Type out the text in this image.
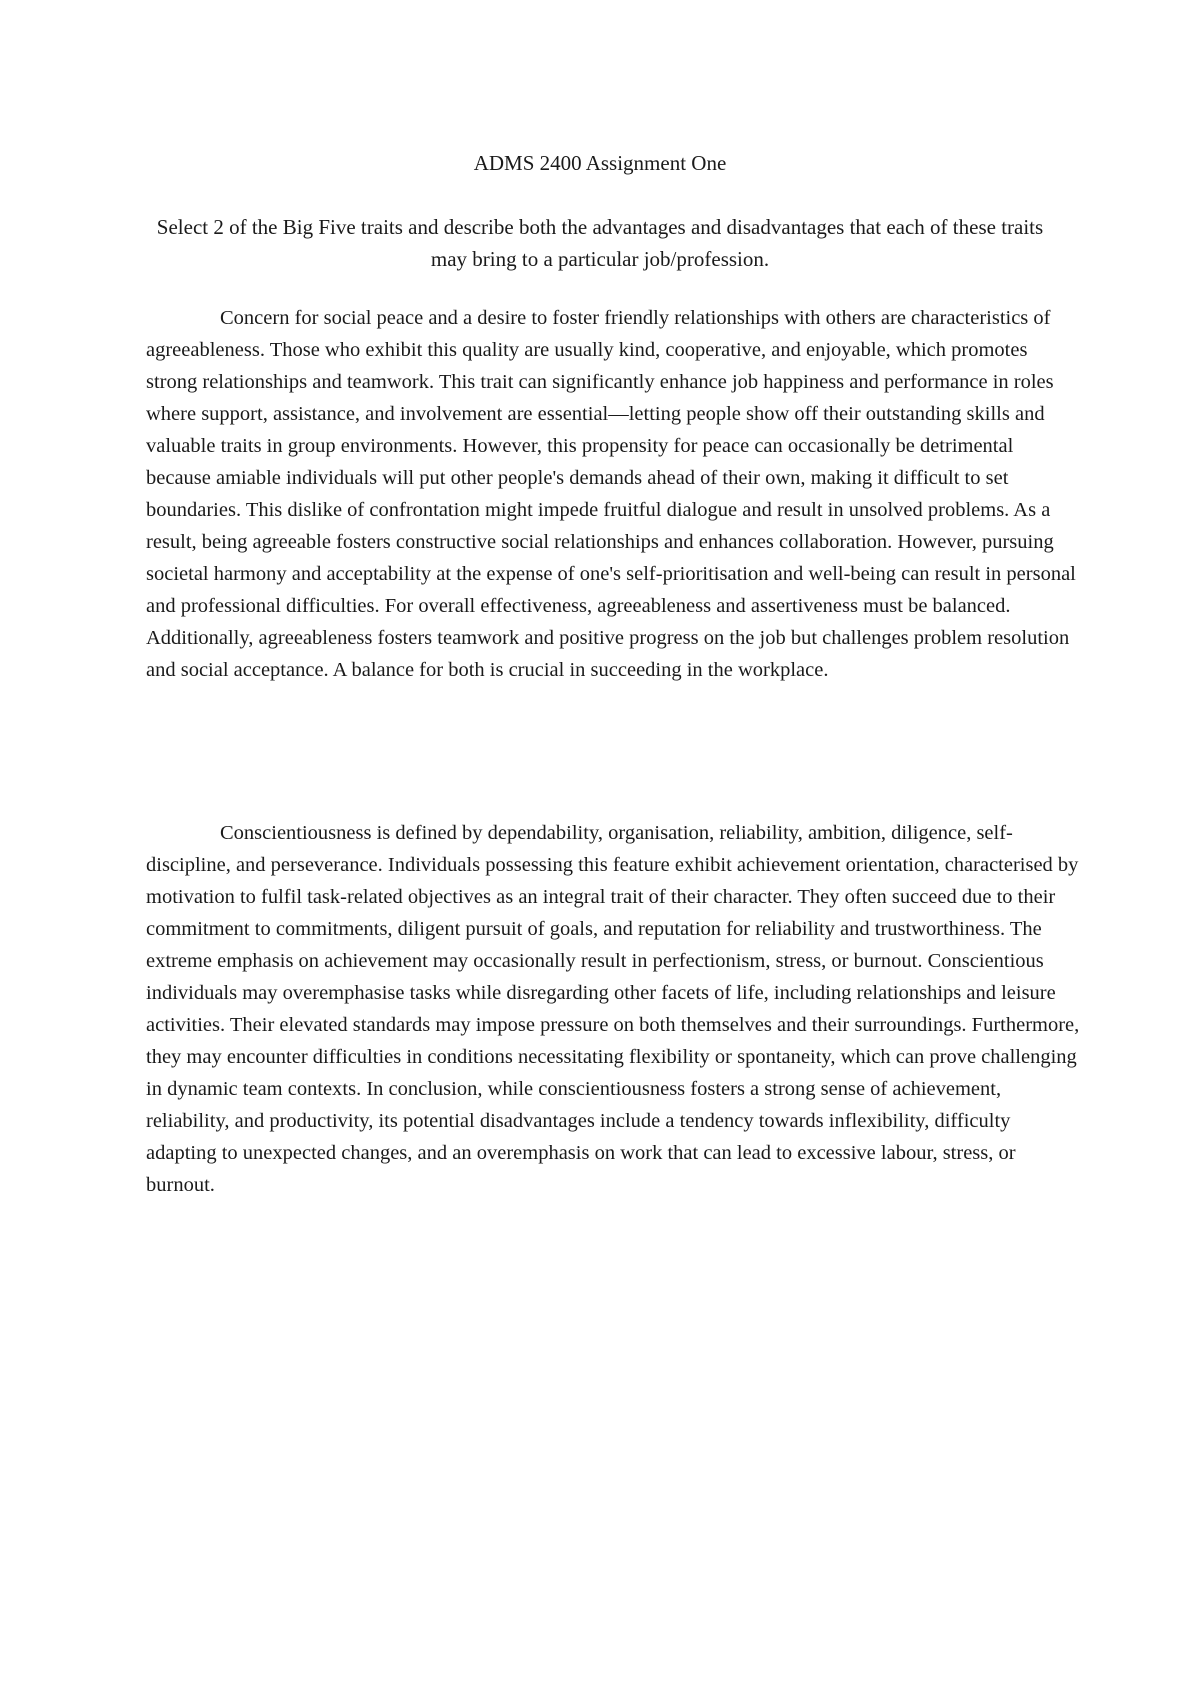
ADMS 2400 Assignment One

Select 2 of the Big Five traits and describe both the advantages and disadvantages that each of these traits may bring to a particular job/profession.

Concern for social peace and a desire to foster friendly relationships with others are characteristics of agreeableness. Those who exhibit this quality are usually kind, cooperative, and enjoyable, which promotes strong relationships and teamwork. This trait can significantly enhance job happiness and performance in roles where support, assistance, and involvement are essential—letting people show off their outstanding skills and valuable traits in group environments. However, this propensity for peace can occasionally be detrimental because amiable individuals will put other people's demands ahead of their own, making it difficult to set boundaries. This dislike of confrontation might impede fruitful dialogue and result in unsolved problems. As a result, being agreeable fosters constructive social relationships and enhances collaboration. However, pursuing societal harmony and acceptability at the expense of one's self-prioritisation and well-being can result in personal and professional difficulties. For overall effectiveness, agreeableness and assertiveness must be balanced. Additionally, agreeableness fosters teamwork and positive progress on the job but challenges problem resolution and social acceptance. A balance for both is crucial in succeeding in the workplace.

Conscientiousness is defined by dependability, organisation, reliability, ambition, diligence, self-discipline, and perseverance. Individuals possessing this feature exhibit achievement orientation, characterised by motivation to fulfil task-related objectives as an integral trait of their character. They often succeed due to their commitment to commitments, diligent pursuit of goals, and reputation for reliability and trustworthiness. The extreme emphasis on achievement may occasionally result in perfectionism, stress, or burnout. Conscientious individuals may overemphasise tasks while disregarding other facets of life, including relationships and leisure activities. Their elevated standards may impose pressure on both themselves and their surroundings. Furthermore, they may encounter difficulties in conditions necessitating flexibility or spontaneity, which can prove challenging in dynamic team contexts. In conclusion, while conscientiousness fosters a strong sense of achievement, reliability, and productivity, its potential disadvantages include a tendency towards inflexibility, difficulty adapting to unexpected changes, and an overemphasis on work that can lead to excessive labour, stress, or burnout.
